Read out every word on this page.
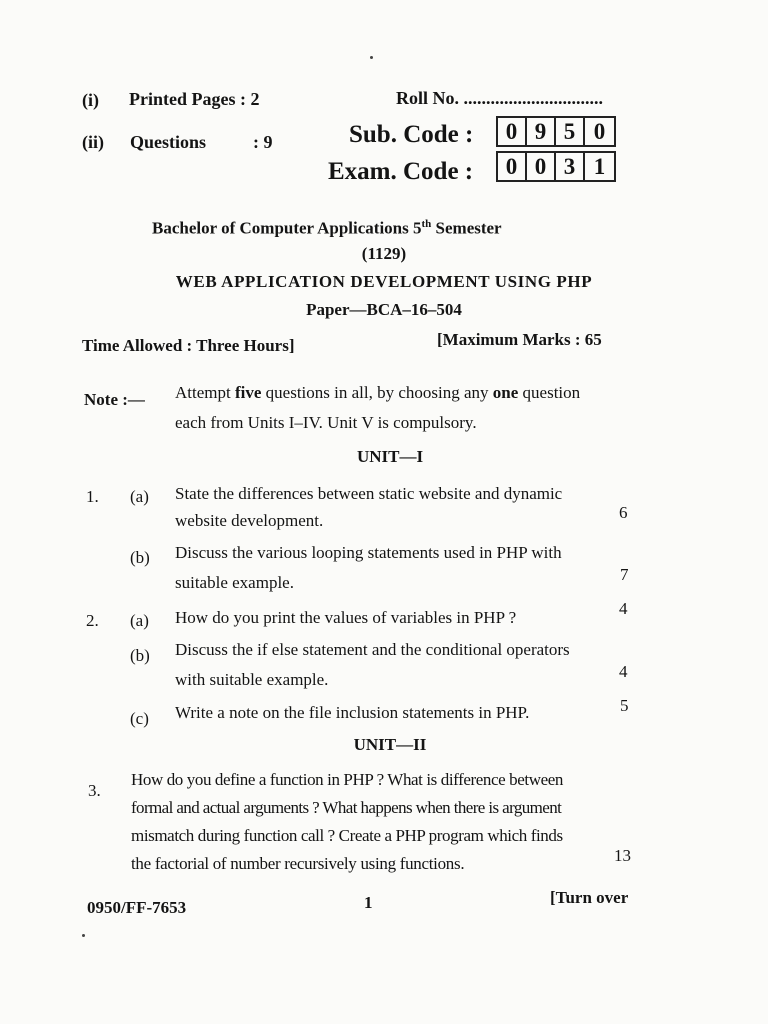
(i) Printed Pages : 2
(ii) Questions	: 9
Roll No. ...............................
Sub. Code :	0 9 5 0
Exam. Code :	0 0 3 1
Bachelor of Computer Applications 5th Semester
(1129)
WEB APPLICATION DEVELOPMENT USING PHP
Paper—BCA–16–504
Time Allowed : Three Hours]	[Maximum Marks : 65
Note :— Attempt five questions in all, by choosing any one question
each from Units I–IV. Unit V is compulsory.
UNIT—I
1. (a) State the differences between static website and dynamic
website development.	6
(b) Discuss the various looping statements used in PHP with
suitable example.	7
2. (a) How do you print the values of variables in PHP ?	4
(b) Discuss the if else statement and the conditional operators
with suitable example.	4
(c) Write a note on the file inclusion statements in PHP.	5
UNIT—II
3.
How do you define a function in PHP ? What is difference between
formal and actual arguments ? What happens when there is argument
mismatch during function call ? Create a PHP program which finds
the factorial of number recursively using functions.	13
0950/FF-7653	1	[Turn over
